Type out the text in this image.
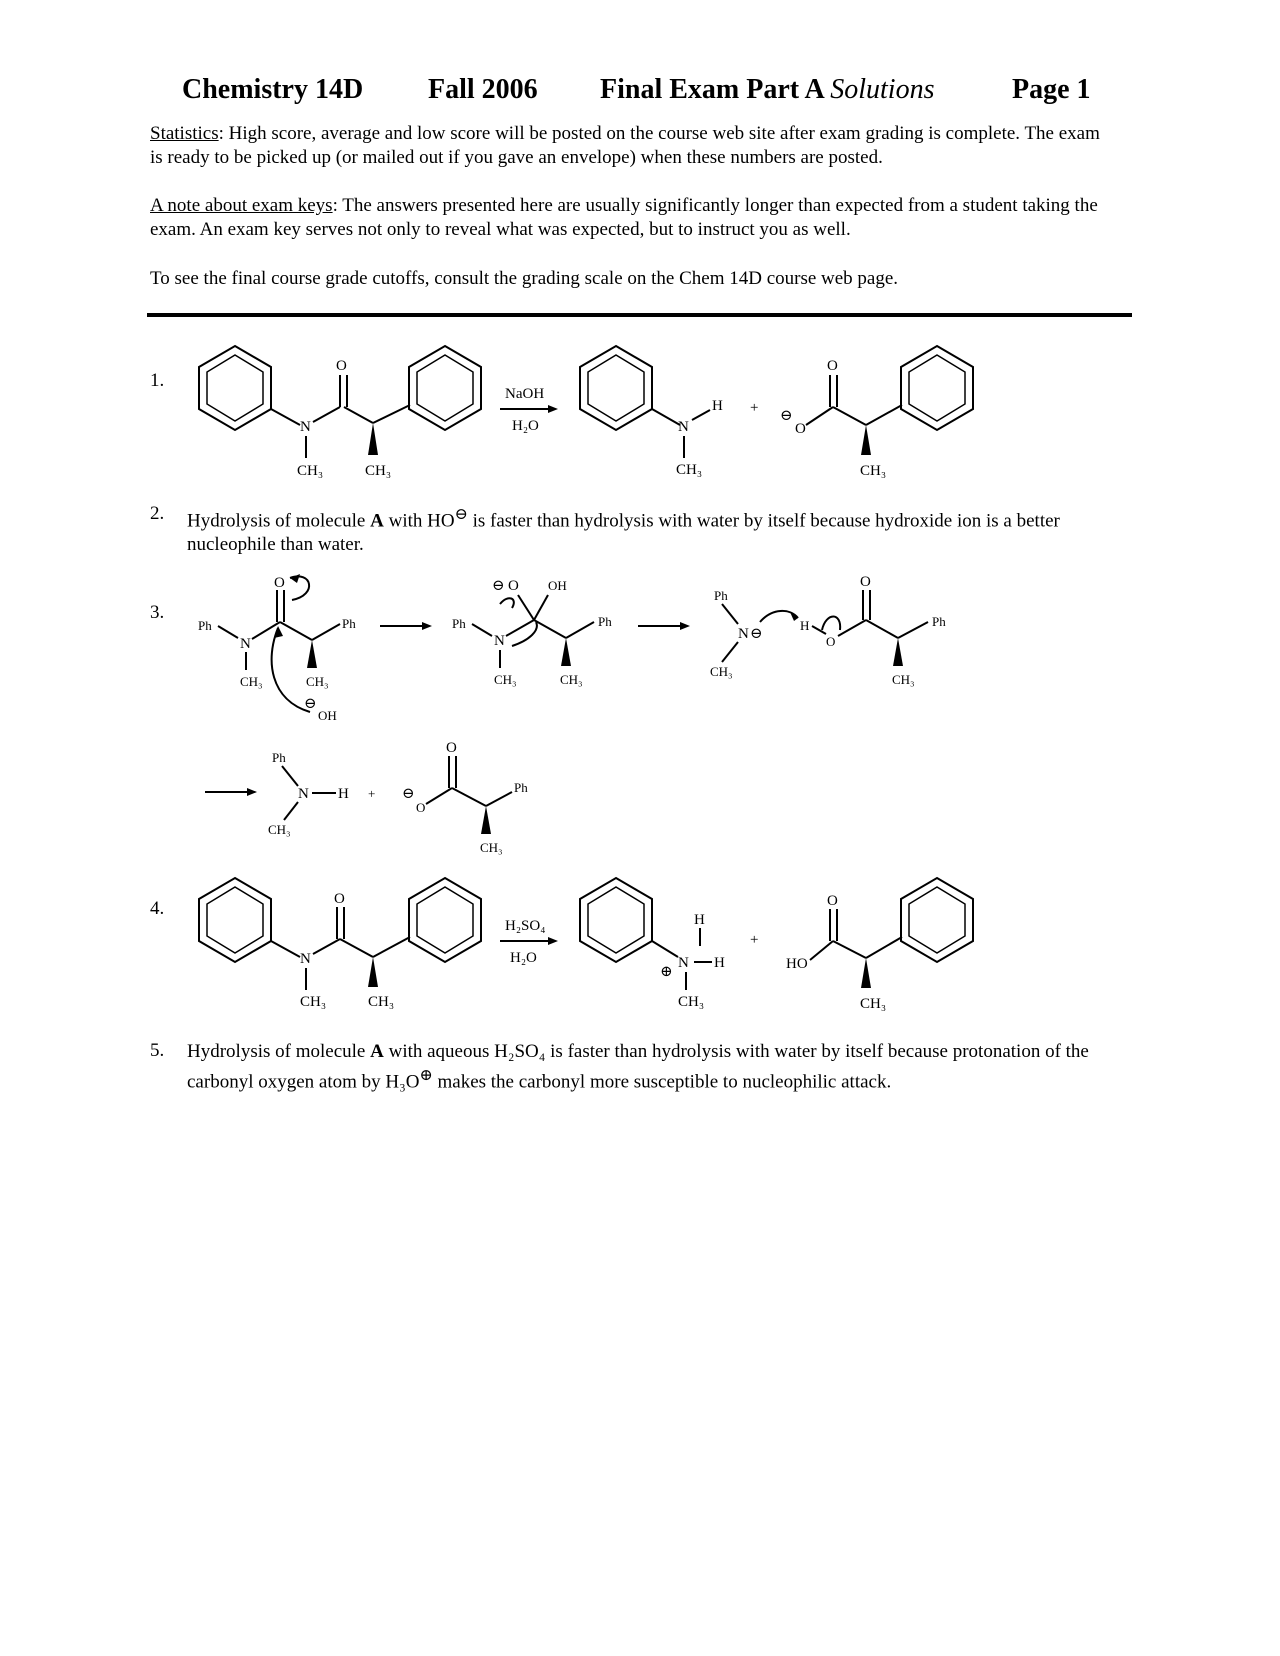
Chemistry 14D Fall 2006 Final Exam Part A Solutions	Page 1
Statistics: High score, average and low score will be posted on the course web site after exam grading is complete. The exam is ready to be picked up (or mailed out if you gave an envelope) when these numbers are posted.
A note about exam keys: The answers presented here are usually significantly longer than expected from a student taking the exam. An exam key serves not only to reveal what was expected, but to instruct you as well.
To see the final course grade cutoffs, consult the grading scale on the Chem 14D course web page.
1.
N
O
CH₃	CH₃
NaOH
H₂O	N
H
CH₃
+ ⊖
O
O
CH₃
2. Hydrolysis of molecule A with HO⊖ is faster than hydrolysis with water by itself because hydroxide ion is a better nucleophile than water.
3.
Ph
N
O
Ph
CH₃	CH₃
⊖
OH
Ph
N
⊖ O OH
Ph
CH₃	CH₃
Ph
N ⊖
CH₃
H
O
O
CH₃
Ph
Ph
N H
CH₃
+ ⊖
O
O
CH₃
Ph
4.
N
O
CH₃	CH₃
H₂SO₄
H₂O
⊕
N
H
H
CH₃
+
HO
O
CH₃
5. Hydrolysis of molecule A with aqueous H₂SO₄ is faster than hydrolysis with water by itself because protonation of the carbonyl oxygen atom by H₃O⊕ makes the carbonyl more susceptible to nucleophilic attack.
